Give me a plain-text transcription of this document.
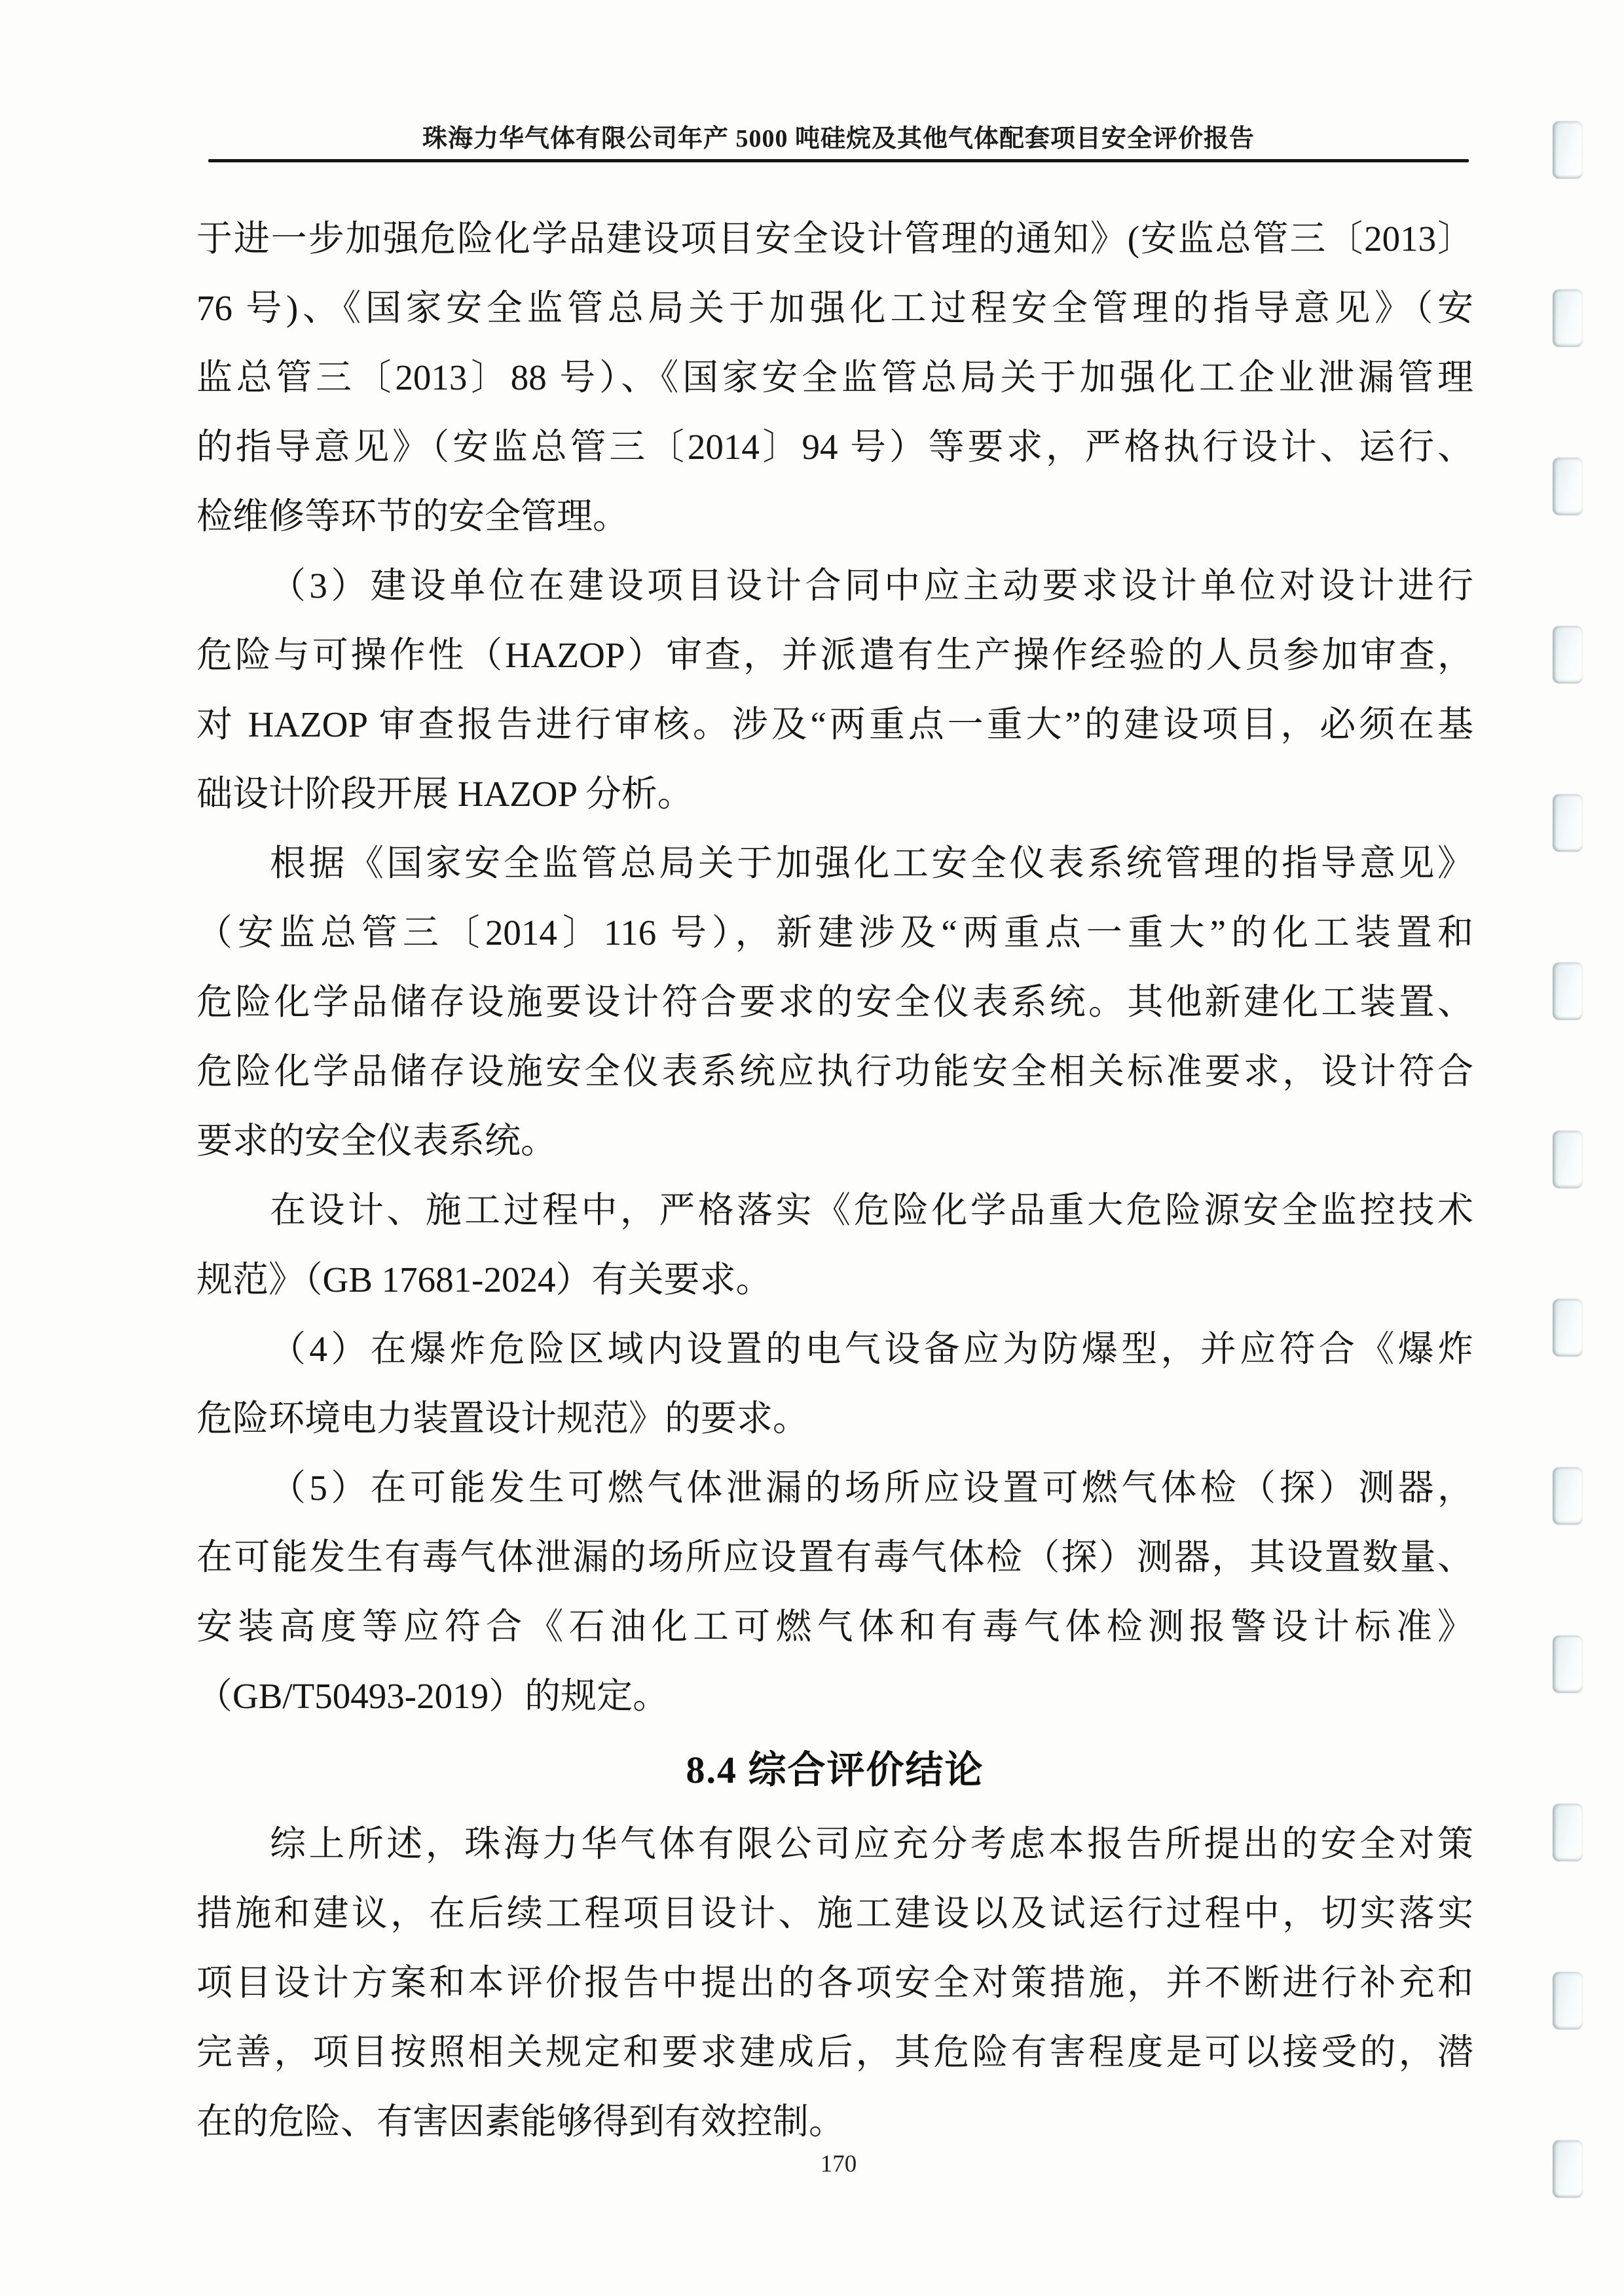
珠海力华气体有限公司年产 5000 吨硅烷及其他气体配套项目安全评价报告
于进一步加强危险化学品建设项目安全设计管理的通知》(安监总管三〔2013〕
76 号)、《国家安全监管总局关于加强化工过程安全管理的指导意见》（安
监总管三〔2013〕88 号）、《国家安全监管总局关于加强化工企业泄漏管理
的指导意见》（安监总管三〔2014〕94 号）等要求，严格执行设计、运行、
检维修等环节的安全管理。
（3）建设单位在建设项目设计合同中应主动要求设计单位对设计进行
危险与可操作性（HAZOP）审查，并派遣有生产操作经验的人员参加审查，
对 HAZOP 审查报告进行审核。涉及“两重点一重大”的建设项目，必须在基
础设计阶段开展 HAZOP 分析。
根据《国家安全监管总局关于加强化工安全仪表系统管理的指导意见》
（安监总管三〔2014〕116 号），新建涉及“两重点一重大”的化工装置和
危险化学品储存设施要设计符合要求的安全仪表系统。其他新建化工装置、
危险化学品储存设施安全仪表系统应执行功能安全相关标准要求，设计符合
要求的安全仪表系统。
在设计、施工过程中，严格落实《危险化学品重大危险源安全监控技术
规范》（GB 17681-2024）有关要求。
（4）在爆炸危险区域内设置的电气设备应为防爆型，并应符合《爆炸
危险环境电力装置设计规范》的要求。
（5）在可能发生可燃气体泄漏的场所应设置可燃气体检（探）测器，
在可能发生有毒气体泄漏的场所应设置有毒气体检（探）测器，其设置数量、
安装高度等应符合《石油化工可燃气体和有毒气体检测报警设计标准》
（GB/T50493-2019）的规定。
8.4 综合评价结论
综上所述，珠海力华气体有限公司应充分考虑本报告所提出的安全对策
措施和建议，在后续工程项目设计、施工建设以及试运行过程中，切实落实
项目设计方案和本评价报告中提出的各项安全对策措施，并不断进行补充和
完善，项目按照相关规定和要求建成后，其危险有害程度是可以接受的，潜
在的危险、有害因素能够得到有效控制。
170
